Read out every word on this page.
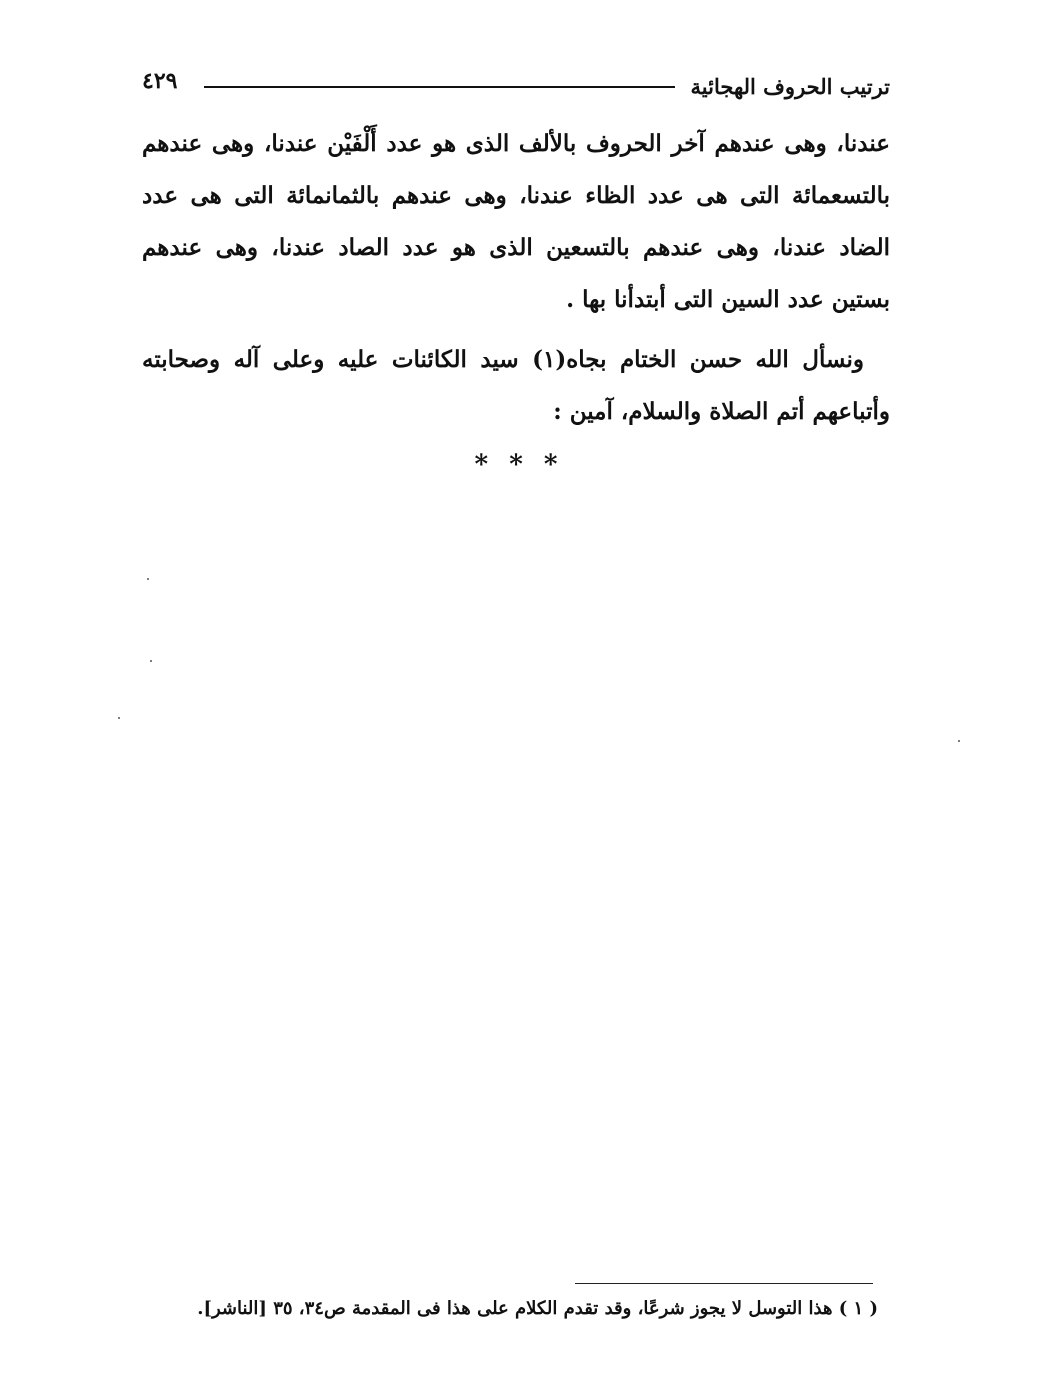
ترتيب الحروف الهجائية
٤٢٩

عندنا، وهى عندهم آخر الحروف بالألف الذى هو عدد أَلْفَيْن عندنا، وهى عندهم بالتسعمائة التى هى عدد الظاء عندنا، وهى عندهم بالثمانمائة التى هى عدد الضاد عندنا، وهى عندهم بالتسعين الذى هو عدد الصاد عندنا، وهى عندهم بستين عدد السين التى أبتدأنا بها .

ونسأل الله حسن الختام بجاه(١) سيد الكائنات عليه وعلى آله وصحابته وأتباعهم أتم الصلاة والسلام، آمين :

* * *
( ١ ) هذا التوسل لا يجوز شرعًا، وقد تقدم الكلام على هذا فى المقدمة ص٣٤، ٣٥ [الناشر].
